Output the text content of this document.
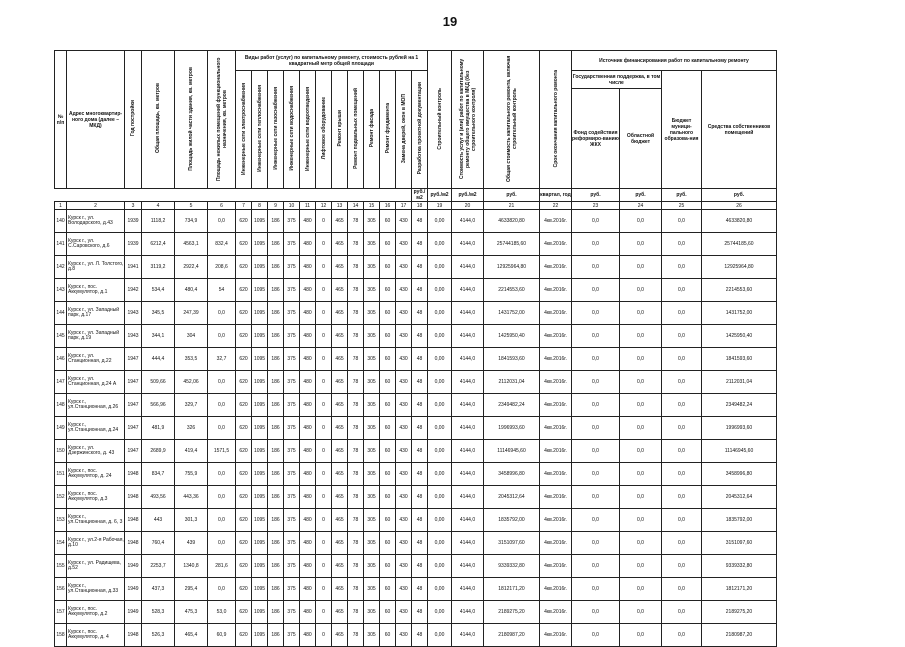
19
№ п/п	Адрес многоквартир-ного дома (далее – МКД)	Год постройки	Общая площадь, кв. метров	Площадь жилой части здания, кв. метров	Площадь нежилых помещений функционального назначения, кв. метров	Виды работ (услуг) по капитальному ремонту, стоимость рублей на 1 квадратный метр общей площади												Строительный контроль	Стоимость услуг и (или) работ по капитальному ремонту общего имущества в МКД (без строительного контроля)	Общая стоимость капитального ремонта, включая строительный контроль	Срок окончания капитального ремонта	Источник финансирования работ по капитальному ремонту			
						Инженерные сети электроснабжения	Инженерные сети теплоснабжения	Инженерные сети газоснабжения	Инженерные сети водоснабжения	Инженерные сети водоотведения	Лифтовое оборудование	Ремонт крыши	Ремонт подвальных помещений	Ремонт фасада	Ремонт фундамента	Замена дверей, окон в МОП	Разработка проектной документации					Государственная поддержка, в том числе		Бюджет муници-пального образова-ния	Средства собственников помещений
																						Фонд содействия реформиро-ванию ЖКХ	Областной бюджет		
																	руб./м2	руб./м2	руб./м2	руб.	квартал, год	руб.	руб.	руб.	руб.
1	2	3	4	5	6	7	8	9	10	11	12	13	14	15	16	17	18	19	20	21	22	23	24	25	26
140	Курск г., ул. Володарского, д.43	1939	1118,2	734,9	0,0	620	1095	186	375	480	0	465	78	305	60	430	48	0,00	4144,0	4633820,80	4кв.2016г.	0,0	0,0	0,0	4633820,80
141	Курск г., ул. С.Саровского, д.6	1939	6212,4	4563,1	832,4	620	1095	186	375	480	0	465	78	305	60	430	48	0,00	4144,0	25744185,60	4кв.2016г.	0,0	0,0	0,0	25744185,60
142	Курск г., ул. Л. Толстого, д.8	1941	3119,2	2922,4	208,6	620	1095	186	375	480	0	465	78	305	60	430	48	0,00	4144,0	12925964,80	4кв.2016г.	0,0	0,0	0,0	12925964,80
143	Курск г., пос. Аккумулятор, д.1	1942	534,4	480,4	54	620	1095	186	375	480	0	465	78	305	60	430	48	0,00	4144,0	2214553,60	4кв.2016г.	0,0	0,0	0,0	2214553,60
144	Курск г., ул. Западный парк, д.17	1943	345,5	247,39	0,0	620	1095	186	375	480	0	465	78	305	60	430	48	0,00	4144,0	1431752,00	4кв.2016г.	0,0	0,0	0,0	1431752,00
145	Курск г., ул. Западный парк, д.19	1943	344,1	304	0,0	620	1095	186	375	480	0	465	78	305	60	430	48	0,00	4144,0	1425950,40	4кв.2016г.	0,0	0,0	0,0	1425950,40
146	Курск г., ул. Станционная, д.22	1947	444,4	353,5	32,7	620	1095	186	375	480	0	465	78	305	60	430	48	0,00	4144,0	1841593,60	4кв.2016г.	0,0	0,0	0,0	1841593,60
147	Курск г., ул. Станционная, д.24 А	1947	509,66	452,06	0,0	620	1095	186	375	480	0	465	78	305	60	430	48	0,00	4144,0	2112031,04	4кв.2016г.	0,0	0,0	0,0	2112031,04
148	Курск г., ул.Станционная, д.26	1947	566,96	329,7	0,0	620	1095	186	375	480	0	465	78	305	60	430	48	0,00	4144,0	2349482,24	4кв.2016г.	0,0	0,0	0,0	2349482,24
149	Курск г., ул.Станционная, д.24	1947	481,9	326	0,0	620	1095	186	375	480	0	465	78	305	60	430	48	0,00	4144,0	1996993,60	4кв.2016г.	0,0	0,0	0,0	1996993,60
150	Курск г., ул. Дзержинского, д. 43	1947	2689,9	419,4	1571,5	620	1095	186	375	480	0	465	78	305	60	430	48	0,00	4144,0	11146945,60	4кв.2016г.	0,0	0,0	0,0	11146945,60
151	Курск г., пос. Аккумулятор, д. 24	1948	834,7	755,9	0,0	620	1095	186	375	480	0	465	78	305	60	430	48	0,00	4144,0	3458996,80	4кв.2016г.	0,0	0,0	0,0	3458996,80
152	Курск г., пос. Аккумулятор, д.3	1948	493,56	443,36	0,0	620	1095	186	375	480	0	465	78	305	60	430	48	0,00	4144,0	2045312,64	4кв.2016г.	0,0	0,0	0,0	2045312,64
153	Курск г., ул.Станционная, д. 6, 3	1948	443	301,3	0,0	620	1095	186	375	480	0	465	78	305	60	430	48	0,00	4144,0	1835792,00	4кв.2016г.	0,0	0,0	0,0	1835792,00
154	Курск г., ул.2-я Рабочая, д.10	1948	760,4	439	0,0	620	1095	186	375	480	0	465	78	305	60	430	48	0,00	4144,0	3151097,60	4кв.2016г.	0,0	0,0	0,0	3151097,60
155	Курск г., ул. Радищева, д.52	1949	2253,7	1340,8	281,6	620	1095	186	375	480	0	465	78	305	60	430	48	0,00	4144,0	9339332,80	4кв.2016г.	0,0	0,0	0,0	9339332,80
156	Курск г., ул.Станционная, д.33	1949	437,3	295,4	0,0	620	1095	186	375	480	0	465	78	305	60	430	48	0,00	4144,0	1812171,20	4кв.2016г.	0,0	0,0	0,0	1812171,20
157	Курск г., пос. Аккумулятор, д.2	1949	528,3	475,3	53,0	620	1095	186	375	480	0	465	78	305	60	430	48	0,00	4144,0	2189275,20	4кв.2016г.	0,0	0,0	0,0	2189275,20
158	Курск г., пос. Аккумулятор, д. 4	1948	526,3	465,4	60,9	620	1095	186	375	480	0	465	78	305	60	430	48	0,00	4144,0	2180987,20	4кв.2016г.	0,0	0,0	0,0	2180987,20
